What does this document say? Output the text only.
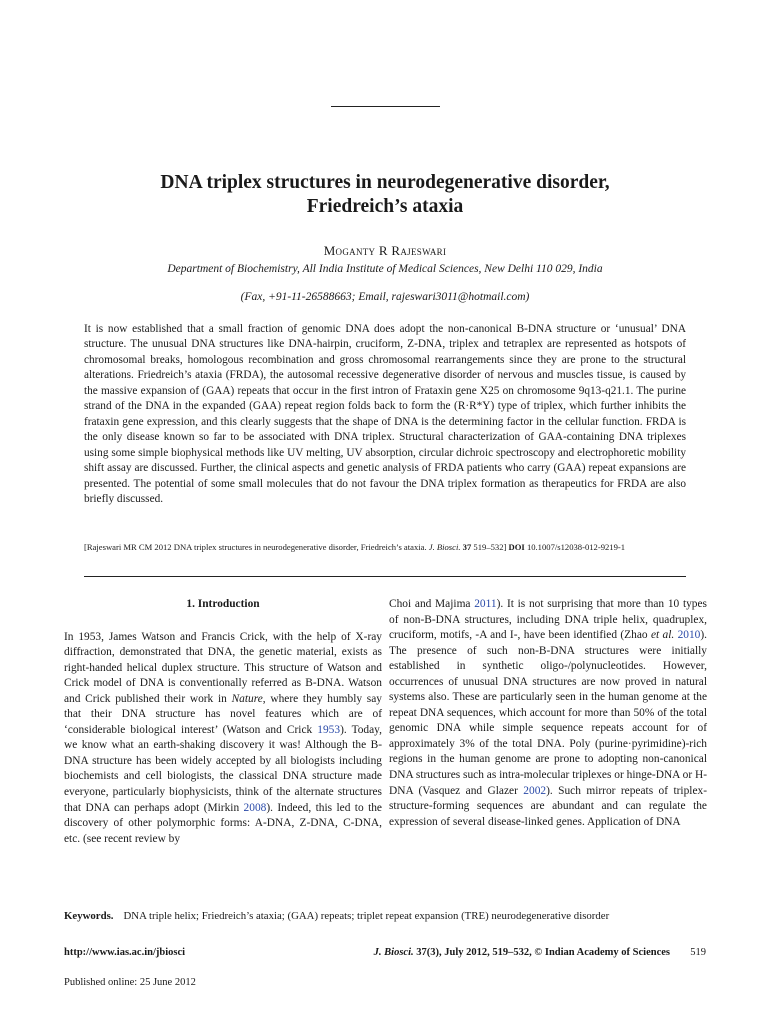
DNA triplex structures in neurodegenerative disorder,
Friedreich’s ataxia
Moganty R Rajeswari
Department of Biochemistry, All India Institute of Medical Sciences, New Delhi 110 029, India
(Fax, +91-11-26588663; Email, rajeswari3011@hotmail.com)

It is now established that a small fraction of genomic DNA does adopt the non-canonical B-DNA structure or ‘unusual’ DNA structure. The unusual DNA structures like DNA-hairpin, cruciform, Z-DNA, triplex and tetraplex are represented as hotspots of chromosomal breaks, homologous recombination and gross chromosomal rearrangements since they are prone to the structural alterations. Friedreich’s ataxia (FRDA), the autosomal recessive degenerative disorder of nervous and muscles tissue, is caused by the massive expansion of (GAA) repeats that occur in the first intron of Frataxin gene X25 on chromosome 9q13-q21.1. The purine strand of the DNA in the expanded (GAA) repeat region folds back to form the (R·R*Y) type of triplex, which further inhibits the frataxin gene expression, and this clearly suggests that the shape of DNA is the determining factor in the cellular function. FRDA is the only disease known so far to be associated with DNA triplex. Structural characterization of GAA-containing DNA triplexes using some simple biophysical methods like UV melting, UV absorption, circular dichroic spectroscopy and electrophoretic mobility shift assay are discussed. Further, the clinical aspects and genetic analysis of FRDA patients who carry (GAA) repeat expansions are presented. The potential of some small molecules that do not favour the DNA triplex formation as therapeutics for FRDA are also briefly discussed.

[Rajeswari MR CM 2012 DNA triplex structures in neurodegenerative disorder, Friedreich’s ataxia. J. Biosci. 37 519–532] DOI 10.1007/s12038-012-9219-1

1. Introduction

In 1953, James Watson and Francis Crick, with the help of X-ray diffraction, demonstrated that DNA, the genetic material, exists as right-handed helical duplex structure. This structure of Watson and Crick model of DNA is conventionally referred as B-DNA. Watson and Crick published their work in Nature, where they humbly say that their DNA structure has novel features which are of ‘considerable biological interest’ (Watson and Crick 1953). Today, we know what an earth-shaking discovery it was! Although the B-DNA structure has been widely accepted by all biologists including biochemists and cell biologists, the classical DNA structure made everyone, particularly biophysicists, think of the alternate structures that DNA can perhaps adopt (Mirkin 2008). Indeed, this led to the discovery of other polymorphic forms: A-DNA, Z-DNA, C-DNA, etc. (see recent review by

Choi and Majima 2011). It is not surprising that more than 10 types of non-B-DNA structures, including DNA triple helix, quadruplex, cruciform, motifs, -A and I-, have been identified (Zhao et al. 2010). The presence of such non-B-DNA structures were initially established in synthetic oligo-/polynucleotides. However, occurrences of unusual DNA structures are now proved in natural systems also. These are particularly seen in the human genome at the repeat DNA sequences, which account for more than 50% of the total genomic DNA while simple sequence repeats account for of approximately 3% of the total DNA. Poly (purine·pyrimidine)-rich regions in the human genome are prone to adopting non-canonical DNA structures such as intra-molecular triplexes or hinge-DNA or H-DNA (Vasquez and Glazer 2002). Such mirror repeats of triplex-structure-forming sequences are abundant and can regulate the expression of several disease-linked genes. Application of DNA

Keywords. DNA triple helix; Friedreich’s ataxia; (GAA) repeats; triplet repeat expansion (TRE) neurodegenerative disorder
http://www.ias.ac.in/jbiosci	J. Biosci. 37(3), July 2012, 519–532, © Indian Academy of Sciences 519
Published online: 25 June 2012
